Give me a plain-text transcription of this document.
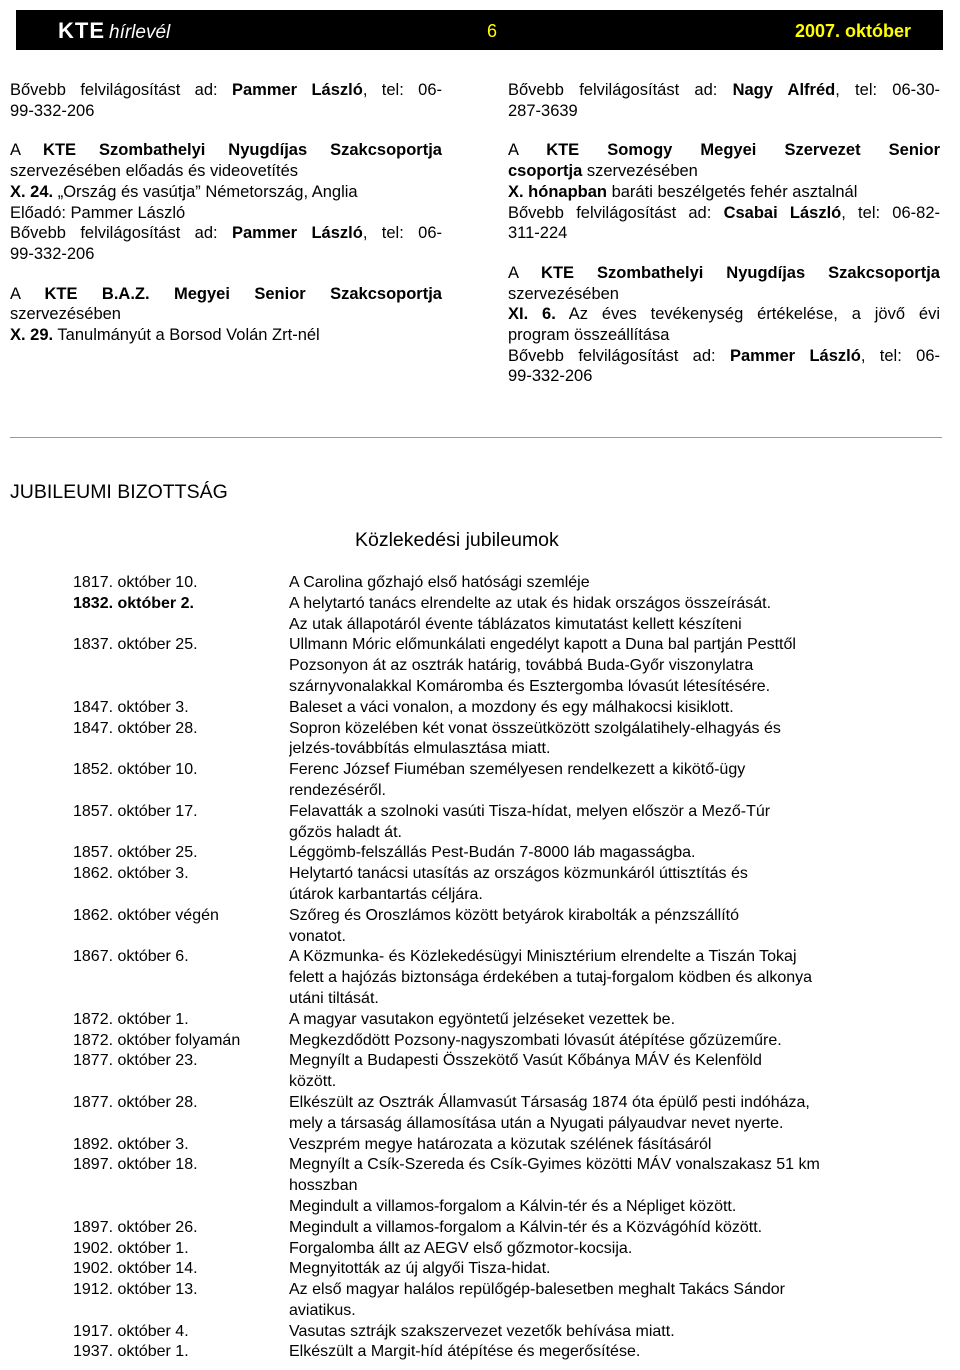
KTE hírlevél	6	2007. október
Bővebb felvilágosítást ad: Pammer László, tel: 06-
99-332-206
A KTE Szombathelyi Nyugdíjas Szakcsoportja
szervezésében előadás és videovetítés
X. 24. „Ország és vasútja” Németország, Anglia
Előadó: Pammer László
Bővebb felvilágosítást ad: Pammer László, tel: 06-
99-332-206
A KTE B.A.Z. Megyei Senior Szakcsoportja
szervezésében
X. 29. Tanulmányút a Borsod Volán Zrt-nél
Bővebb felvilágosítást ad: Nagy Alfréd, tel: 06-30-
287-3639
A KTE Somogy Megyei Szervezet Senior
csoportja szervezésében
X. hónapban baráti beszélgetés fehér asztalnál
Bővebb felvilágosítást ad: Csabai László, tel: 06-82-
311-224
A KTE Szombathelyi Nyugdíjas Szakcsoportja
szervezésében
XI. 6. Az éves tevékenység értékelése, a jövő évi
program összeállítása
Bővebb felvilágosítást ad: Pammer László, tel: 06-
99-332-206
JUBILEUMI BIZOTTSÁG
Közlekedési jubileumok
1817. október 10.	A Carolina gőzhajó első hatósági szemléje
1832. október 2.	A helytartó tanács elrendelte az utak és hidak országos összeírását.
Az utak állapotáról évente táblázatos kimutatást kellett készíteni
1837. október 25.	Ullmann Móric előmunkálati engedélyt kapott a Duna bal partján Pesttől
Pozsonyon át az osztrák határig, továbbá Buda-Győr viszonylatra
szárnyvonalakkal Komáromba és Esztergomba lóvasút létesítésére.
1847. október 3.	Baleset a váci vonalon, a mozdony és egy málhakocsi kisiklott.
1847. október 28.	Sopron közelében két vonat összeütközött szolgálatihely-elhagyás és
jelzés-továbbítás elmulasztása miatt.
1852. október 10.	Ferenc József Fiuméban személyesen rendelkezett a kikötő-ügy
rendezéséről.
1857. október 17.	Felavatták a szolnoki vasúti Tisza-hídat, melyen először a Mező-Túr
gőzös haladt át.
1857. október 25.	Léggömb-felszállás Pest-Budán 7-8000 láb magasságba.
1862. október 3.	Helytartó tanácsi utasítás az országos közmunkáról úttisztítás és
útárok karbantartás céljára.
1862. október végén	Szőreg és Oroszlámos között betyárok kirabolták a pénzszállító
vonatot.
1867. október 6.	A Közmunka- és Közlekedésügyi Minisztérium elrendelte a Tiszán Tokaj
felett a hajózás biztonsága érdekében a tutaj-forgalom ködben és alkonya
utáni tiltását.
1872. október 1.	A magyar vasutakon egyöntetű jelzéseket vezettek be.
1872. október folyamán	Megkezdődött Pozsony-nagyszombati lóvasút átépítése gőzüzeműre.
1877. október 23.	Megnyílt a Budapesti Összekötő Vasút Kőbánya MÁV és Kelenföld
között.
1877. október 28.	Elkészült az Osztrák Államvasút Társaság 1874 óta épülő pesti indóháza,
mely a társaság államosítása után a Nyugati pályaudvar nevet nyerte.
1892. október 3.	Veszprém megye határozata a közutak szélének fásításáról
1897. október 18.	Megnyílt a Csík-Szereda és Csík-Gyimes közötti MÁV vonalszakasz 51 km
hosszban
Megindult a villamos-forgalom a Kálvin-tér és a Népliget között.
1897. október 26.	Megindult a villamos-forgalom a Kálvin-tér és a Közvágóhíd között.
1902. október 1.	Forgalomba állt az AEGV első gőzmotor-kocsija.
1902. október 14.	Megnyitották az új algyői Tisza-hidat.
1912. október 13.	Az első magyar halálos repülőgép-balesetben meghalt Takács Sándor
aviatikus.
1917. október 4.	Vasutas sztrájk szakszervezet vezetők behívása miatt.
1937. október 1.	Elkészült a Margit-híd átépítése és megerősítése.
